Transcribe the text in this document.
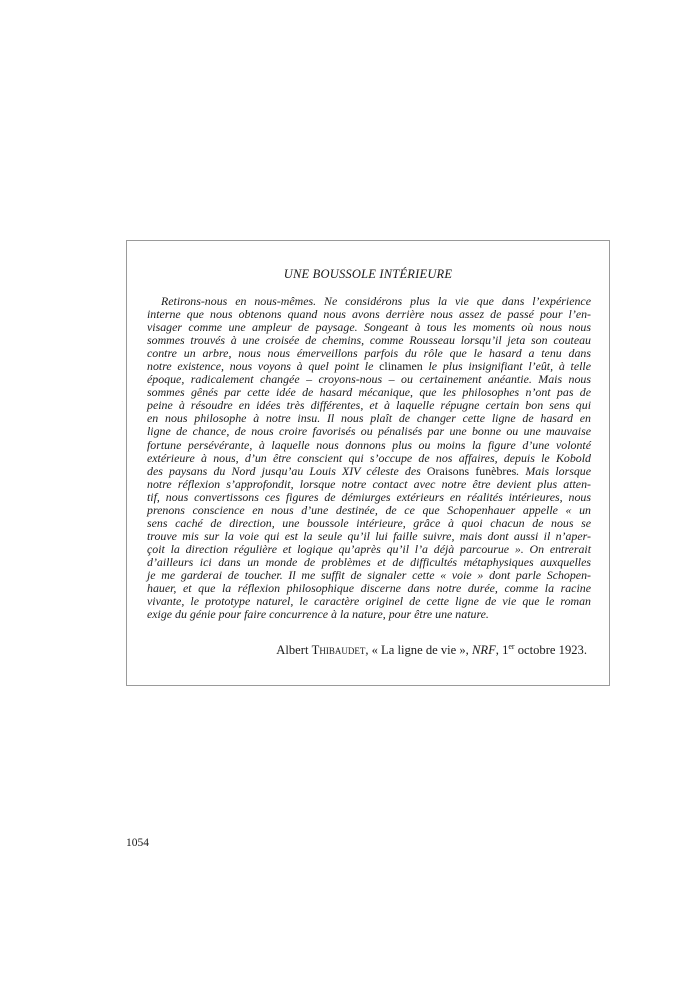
UNE BOUSSOLE INTÉRIEURE
Retirons-nous en nous-mêmes. Ne considérons plus la vie que dans l’expérience
interne que nous obtenons quand nous avons derrière nous assez de passé pour l’en-
visager comme une ampleur de paysage. Songeant à tous les moments où nous nous
sommes trouvés à une croisée de chemins, comme Rousseau lorsqu’il jeta son couteau
contre un arbre, nous nous émerveillons parfois du rôle que le hasard a tenu dans
notre existence, nous voyons à quel point le clinamen le plus insignifiant l’eût, à telle
époque, radicalement changée – croyons-nous – ou certainement anéantie. Mais nous
sommes gênés par cette idée de hasard mécanique, que les philosophes n’ont pas de
peine à résoudre en idées très différentes, et à laquelle répugne certain bon sens qui
en nous philosophe à notre insu. Il nous plaît de changer cette ligne de hasard en
ligne de chance, de nous croire favorisés ou pénalisés par une bonne ou une mauvaise
fortune persévérante, à laquelle nous donnons plus ou moins la figure d’une volonté
extérieure à nous, d’un être conscient qui s’occupe de nos affaires, depuis le Kobold
des paysans du Nord jusqu’au Louis XIV céleste des Oraisons funèbres. Mais lorsque
notre réflexion s’approfondit, lorsque notre contact avec notre être devient plus atten-
tif, nous convertissons ces figures de démiurges extérieurs en réalités intérieures, nous
prenons conscience en nous d’une destinée, de ce que Schopenhauer appelle « un
sens caché de direction, une boussole intérieure, grâce à quoi chacun de nous se
trouve mis sur la voie qui est la seule qu’il lui faille suivre, mais dont aussi il n’aper-
çoit la direction régulière et logique qu’après qu’il l’a déjà parcourue ». On entrerait
d’ailleurs ici dans un monde de problèmes et de difficultés métaphysiques auxquelles
je me garderai de toucher. Il me suffit de signaler cette « voie » dont parle Schopen-
hauer, et que la réflexion philosophique discerne dans notre durée, comme la racine
vivante, le prototype naturel, le caractère originel de cette ligne de vie que le roman
exige du génie pour faire concurrence à la nature, pour être une nature.
Albert Thibaudet, « La ligne de vie », NRF, 1er octobre 1923.
1054
